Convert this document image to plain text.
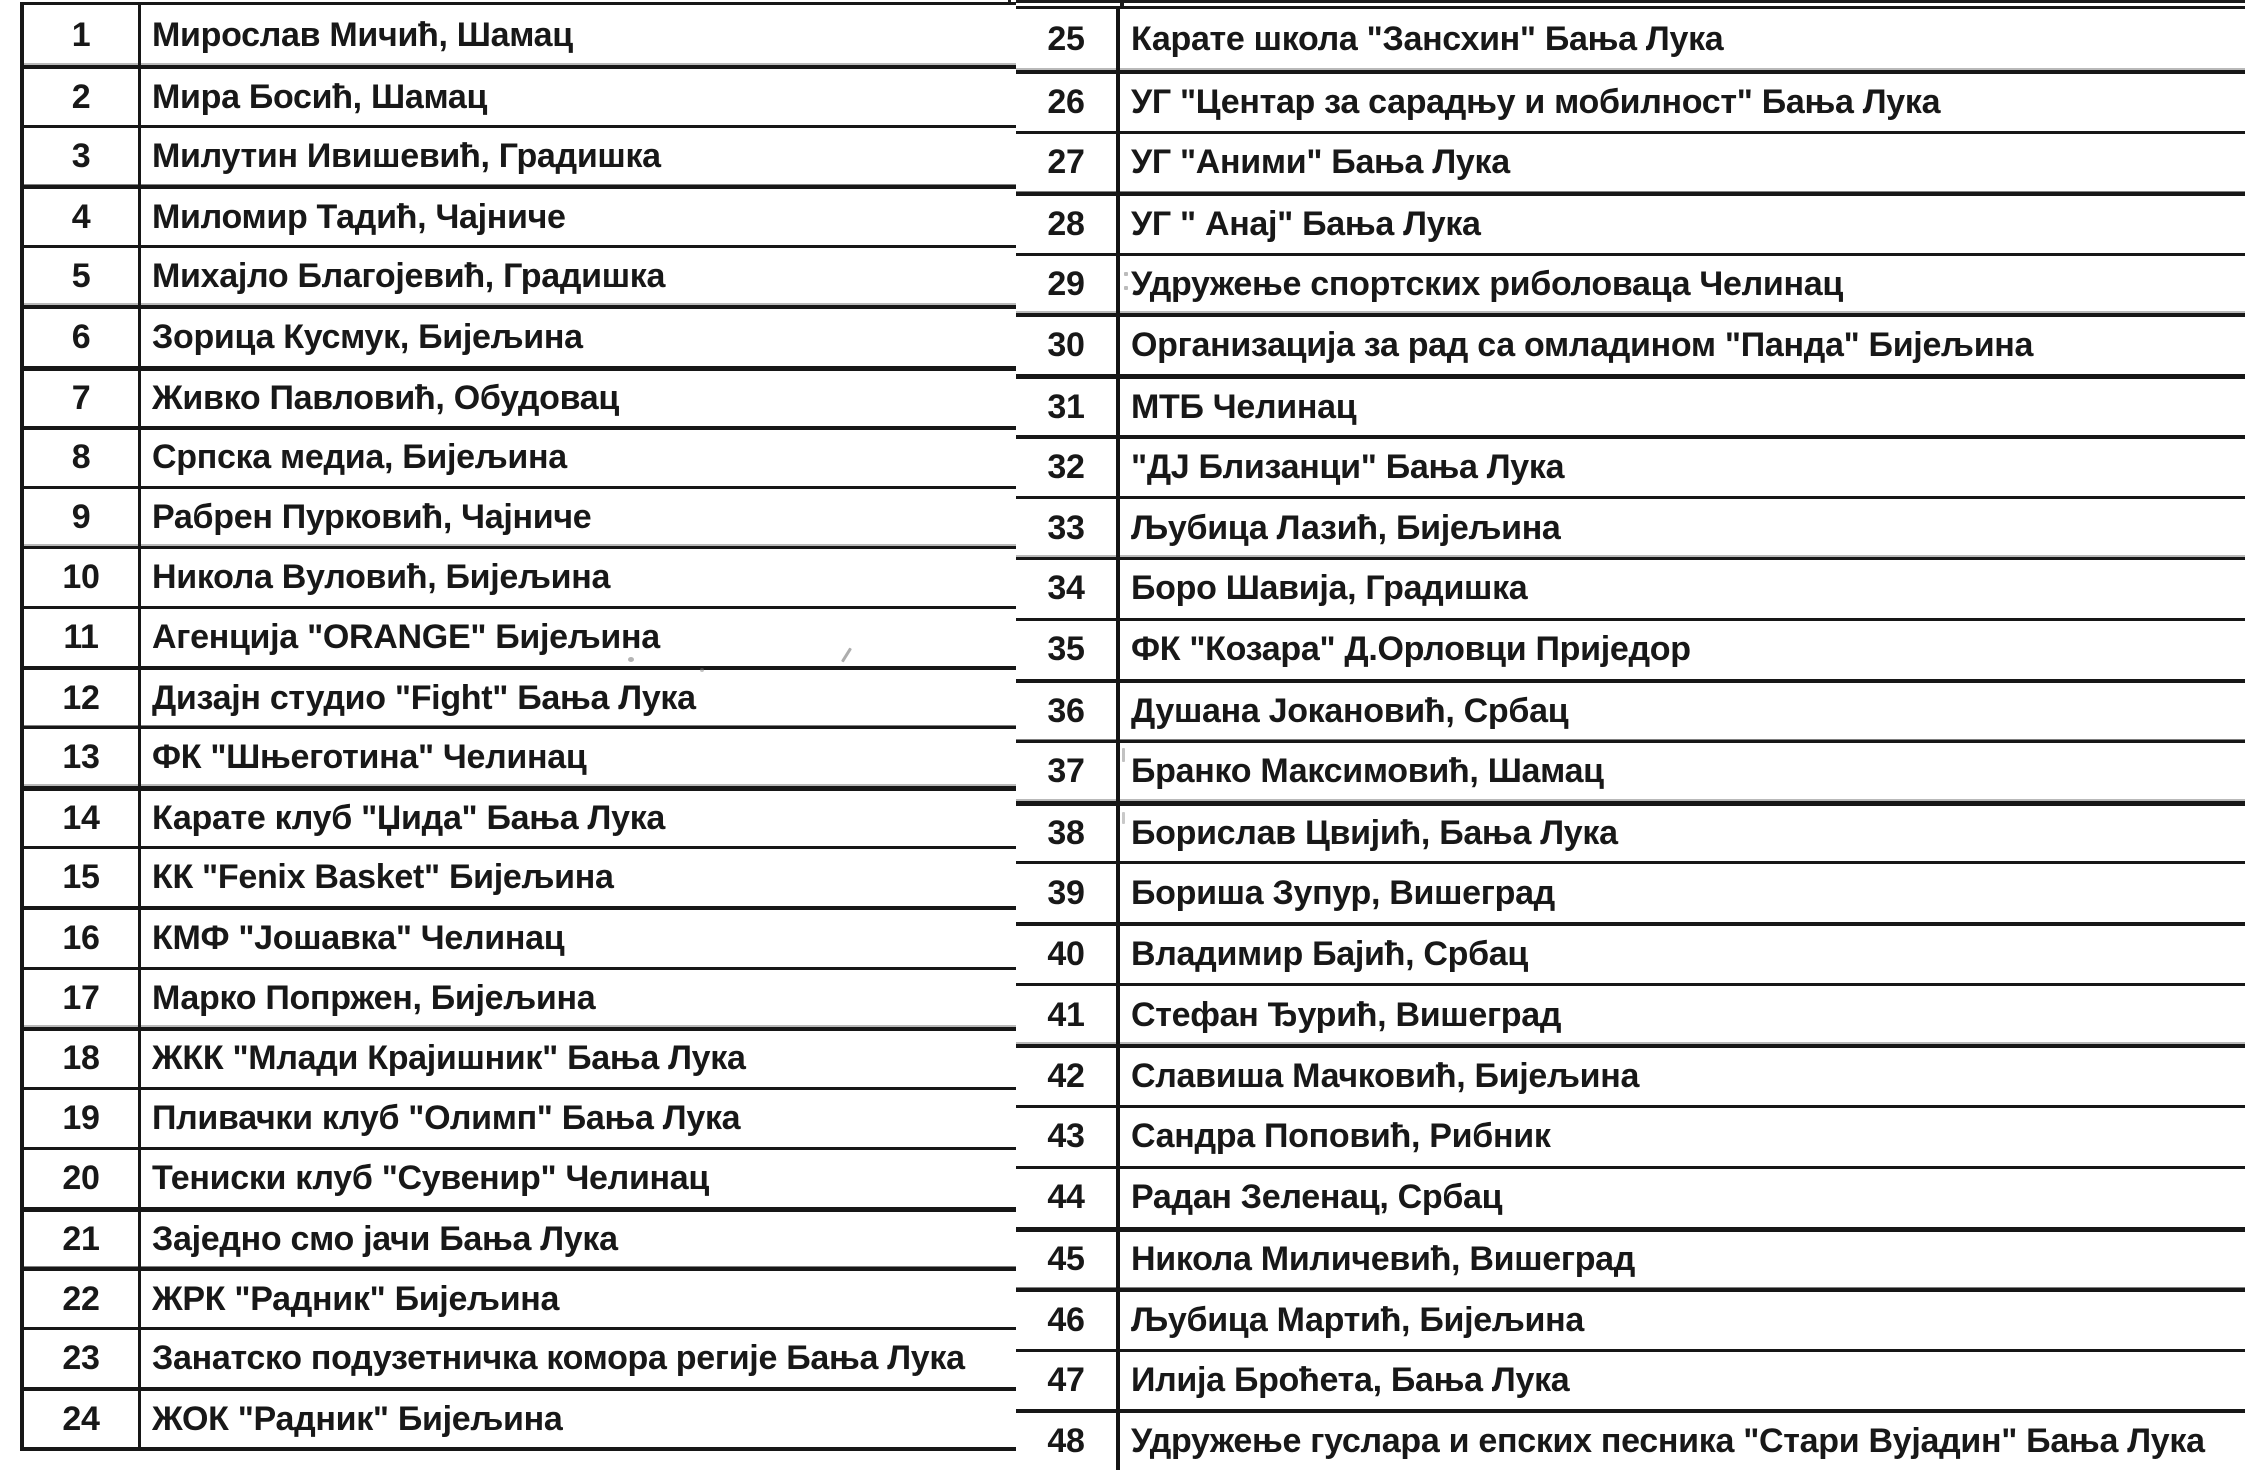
1	Мирослав Мичић, Шамац
2	Мира Босић, Шамац
3	Милутин Ивишевић, Градишка
4	Миломир Тадић, Чајниче
5	Михајло Благојевић, Градишка
6	Зорица Кусмук, Бијељина
7	Живко Павловић, Обудовац
8	Српска медиа, Бијељина
9	Рабрен Пурковић, Чајниче
10	Никола Вуловић, Бијељина
11	Агенција "ORANGE" Бијељина
12	Дизајн студио "Fight" Бања Лука
13	ФК "Шњеготина" Челинац
14	Карате клуб "Џида" Бања Лука
15	КК "Fenix Basket" Бијељина
16	КМФ "Јошавка" Челинац
17	Марко Попржен, Бијељина
18	ЖКК "Млади Крајишник" Бања Лука
19	Пливачки клуб "Олимп" Бања Лука
20	Тениски клуб "Сувенир" Челинац
21	Заједно смо јачи Бања Лука
22	ЖРК "Радник" Бијељина
23	Занатско подузетничка комора регије Бања Лука
24	ЖОК "Радник" Бијељина
25	Карате школа "Зансхин" Бања Лука
26	УГ "Центар за сарадњу и мобилност" Бања Лука
27	УГ "Аними" Бања Лука
28	УГ " Анај" Бања Лука
29	Удружење спортских риболоваца Челинац
30	Организација за рад са омладином "Панда" Бијељина
31	МТБ Челинац
32	"ДЈ Близанци" Бања Лука
33	Љубица Лазић, Бијељина
34	Боро Шавија, Градишка
35	ФК "Козара" Д.Орловци Приједор
36	Душана Јокановић, Србац
37	Бранко Максимовић, Шамац
38	Борислав Цвијић, Бања Лука
39	Бориша Зупур, Вишеград
40	Владимир Бајић, Србац
41	Стефан Ђурић, Вишеград
42	Славиша Мачковић, Бијељина
43	Сандра Поповић, Рибник
44	Радан Зеленац, Србац
45	Никола Миличевић, Вишеград
46	Љубица Мартић, Бијељина
47	Илија Броћета, Бања Лука
48	Удружење гуслара и епских песника "Стари Вујадин" Бања Лука
